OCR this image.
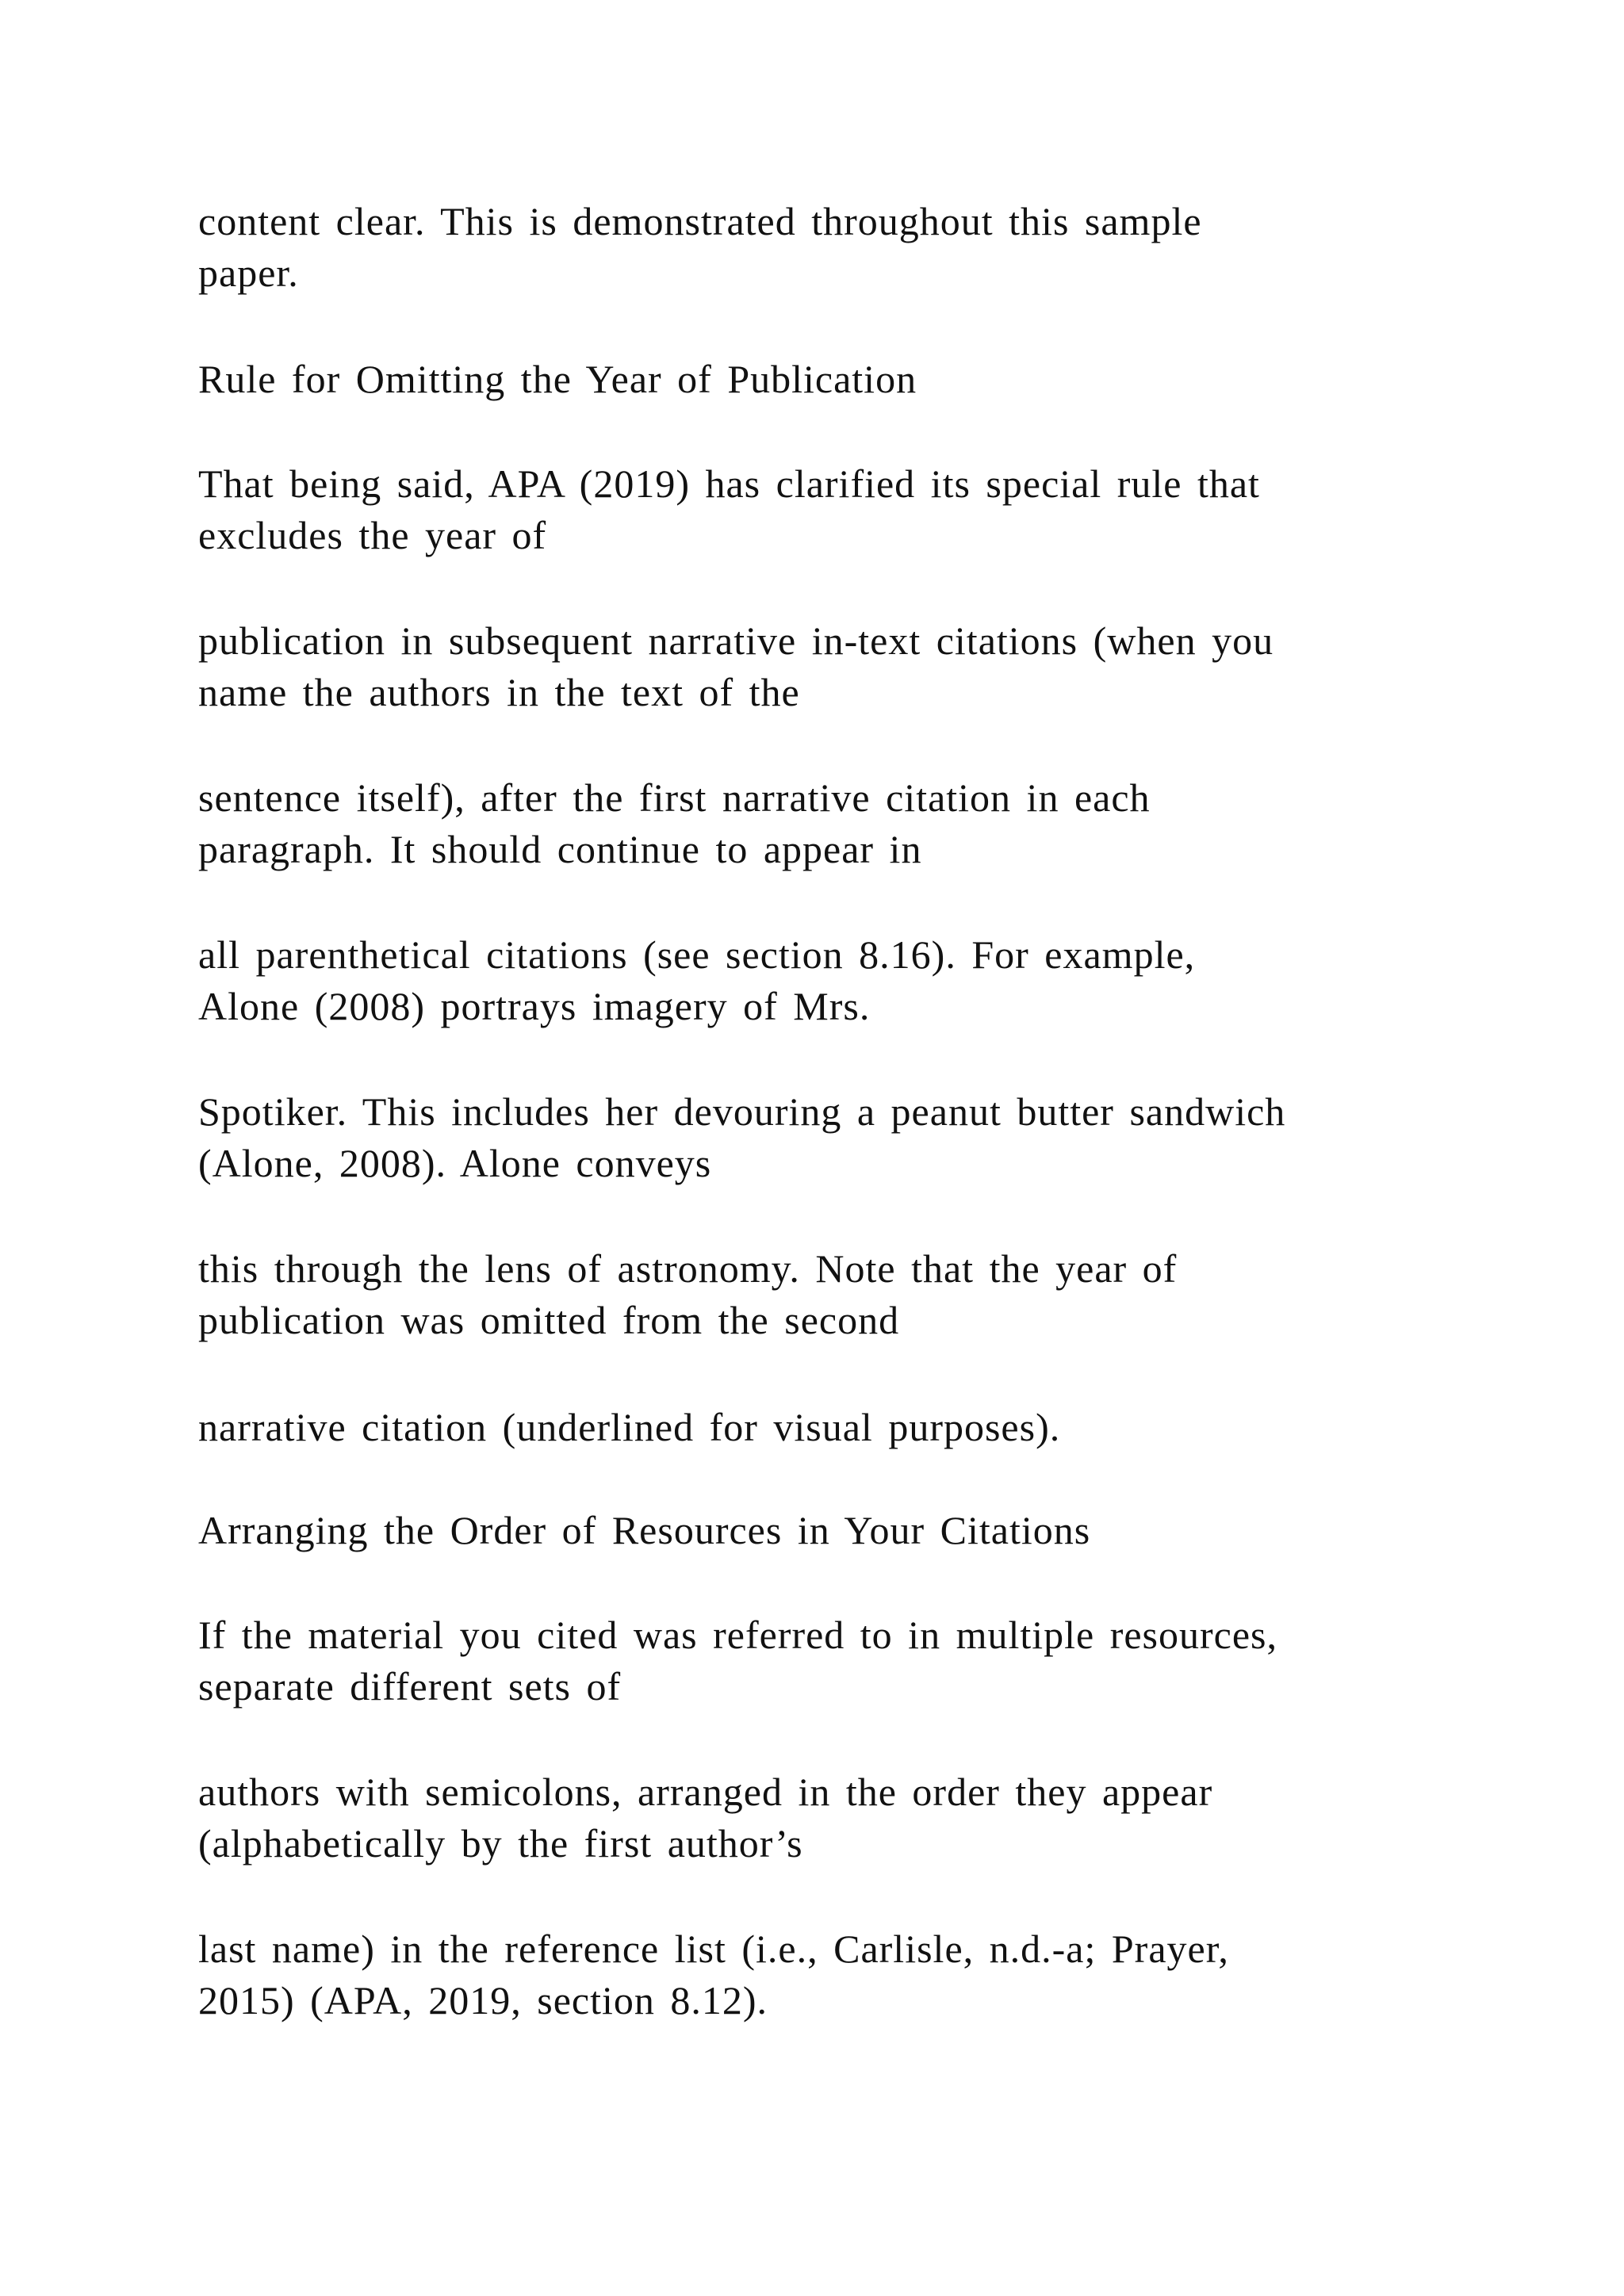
content clear. This is demonstrated throughout this sample
paper.

Rule for Omitting the Year of Publication

That being said, APA (2019) has clarified its special rule that
excludes the year of

publication in subsequent narrative in-text citations (when you
name the authors in the text of the

sentence itself), after the first narrative citation in each
paragraph. It should continue to appear in

all parenthetical citations (see section 8.16). For example,
Alone (2008) portrays imagery of Mrs.

Spotiker. This includes her devouring a peanut butter sandwich
(Alone, 2008). Alone conveys

this through the lens of astronomy. Note that the year of
publication was omitted from the second

narrative citation (underlined for visual purposes).

Arranging the Order of Resources in Your Citations

If the material you cited was referred to in multiple resources,
separate different sets of

authors with semicolons, arranged in the order they appear
(alphabetically by the first author’s

last name) in the reference list (i.e., Carlisle, n.d.-a; Prayer,
2015) (APA, 2019, section 8.12).
